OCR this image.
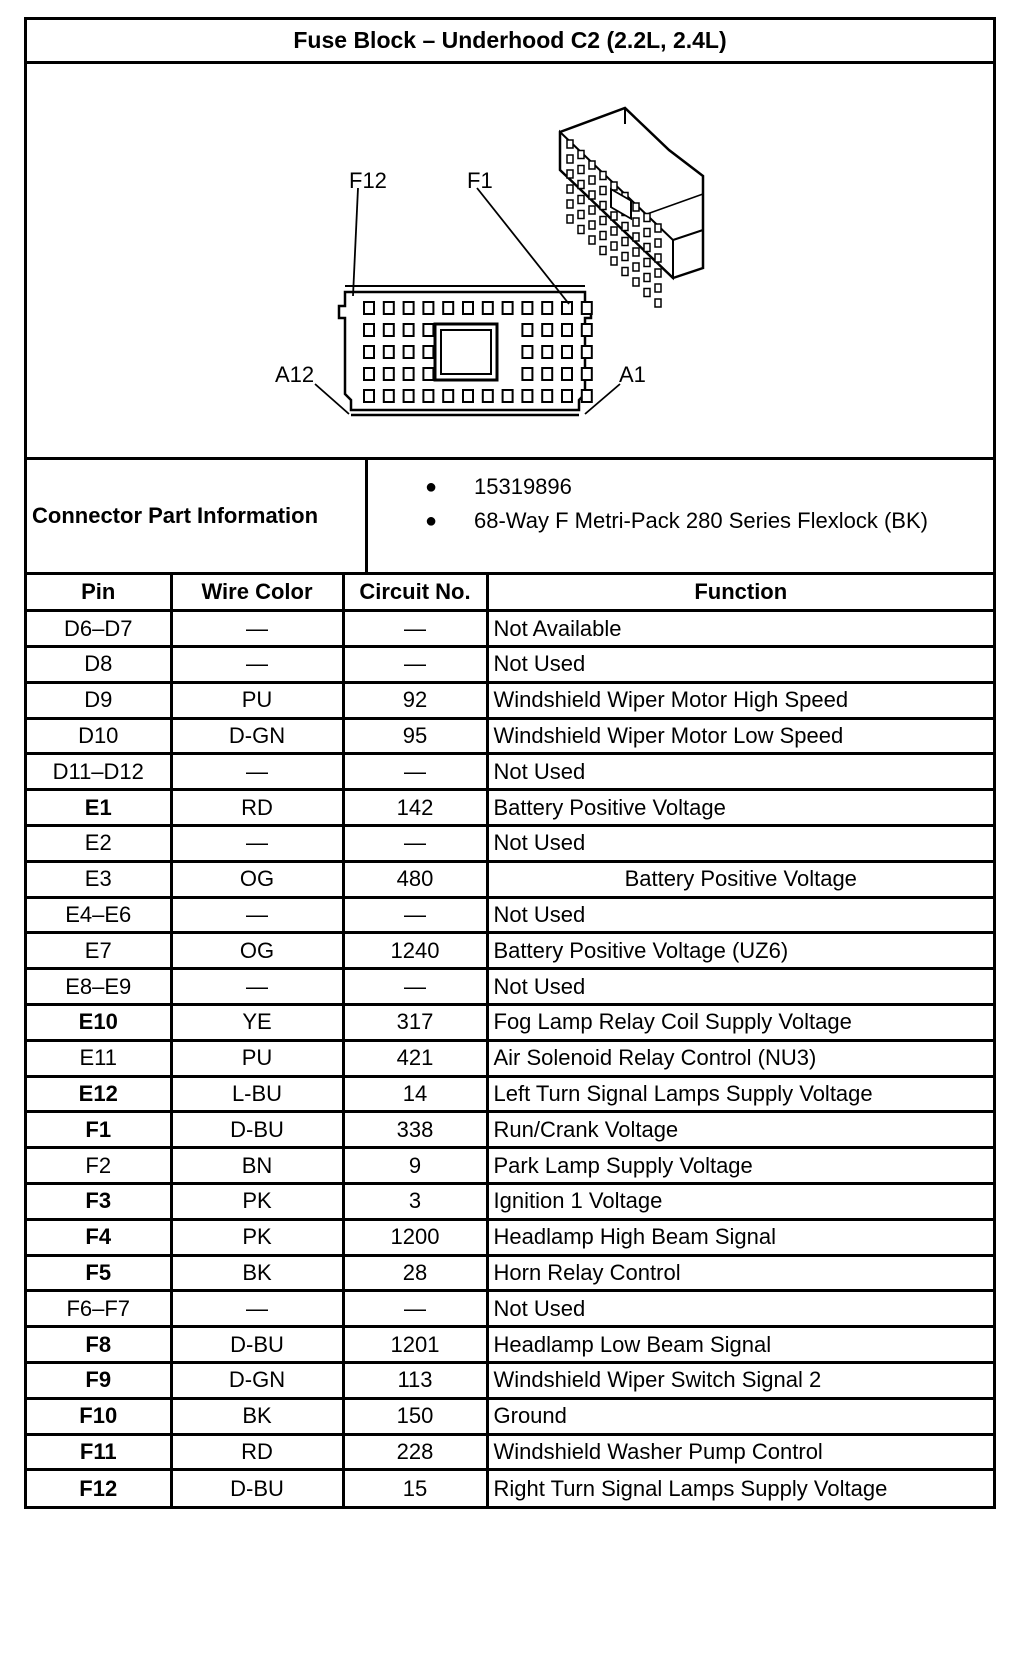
Fuse Block – Underhood C2 (2.2L, 2.4L)
F12	F1
A12	A1
Connector Part Information
● 15319896
● 68-Way F Metri-Pack 280 Series Flexlock (BK)
Pin	Wire Color	Circuit No.	Function
D6–D7	—	—	Not Available
D8	—	—	Not Used
D9	PU	92	Windshield Wiper Motor High Speed
D10	D-GN	95	Windshield Wiper Motor Low Speed
D11–D12	—	—	Not Used
E1	RD	142	Battery Positive Voltage
E2	—	—	Not Used
E3	OG	480	Battery Positive Voltage
E4–E6	—	—	Not Used
E7	OG	1240	Battery Positive Voltage (UZ6)
E8–E9	—	—	Not Used
E10	YE	317	Fog Lamp Relay Coil Supply Voltage
E11	PU	421	Air Solenoid Relay Control (NU3)
E12	L-BU	14	Left Turn Signal Lamps Supply Voltage
F1	D-BU	338	Run/Crank Voltage
F2	BN	9	Park Lamp Supply Voltage
F3	PK	3	Ignition 1 Voltage
F4	PK	1200	Headlamp High Beam Signal
F5	BK	28	Horn Relay Control
F6–F7	—	—	Not Used
F8	D-BU	1201	Headlamp Low Beam Signal
F9	D-GN	113	Windshield Wiper Switch Signal 2
F10	BK	150	Ground
F11	RD	228	Windshield Washer Pump Control
F12	D-BU	15	Right Turn Signal Lamps Supply Voltage
